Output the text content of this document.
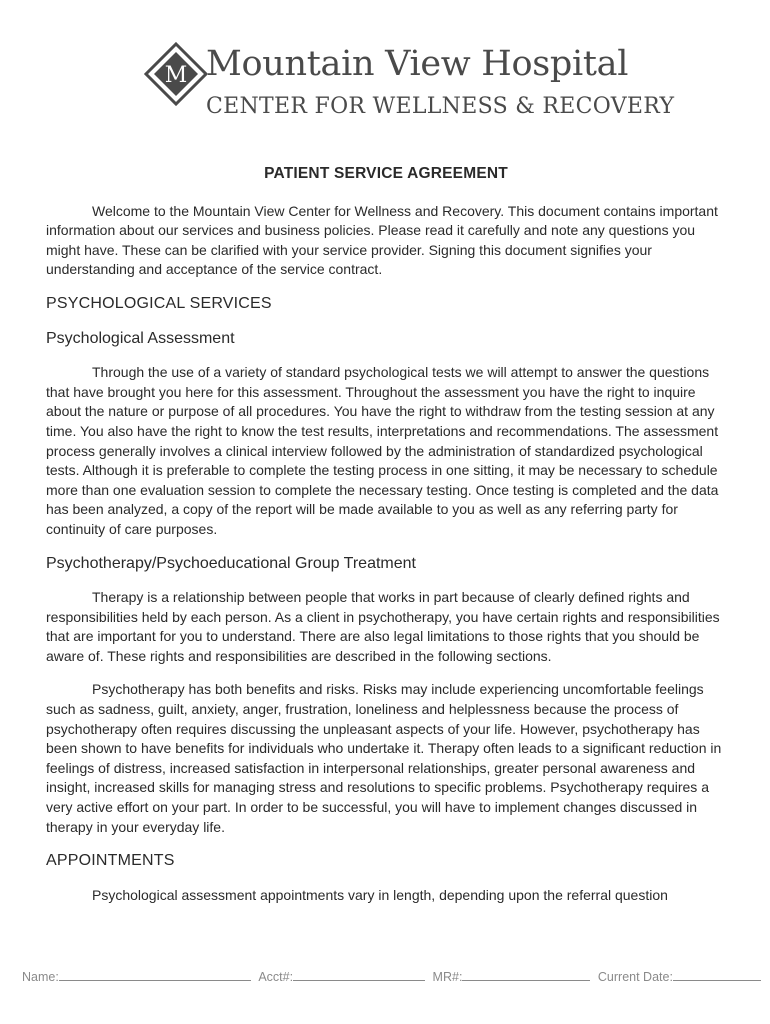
M Mountain View Hospital
CENTER FOR WELLNESS & RECOVERY
PATIENT SERVICE AGREEMENT

Welcome to the Mountain View Center for Wellness and Recovery. This document contains important information about our services and business policies. Please read it carefully and note any questions you might have. These can be clarified with your service provider. Signing this document signifies your understanding and acceptance of the service contract.

PSYCHOLOGICAL SERVICES
Psychological Assessment

Through the use of a variety of standard psychological tests we will attempt to answer the questions that have brought you here for this assessment. Throughout the assessment you have the right to inquire about the nature or purpose of all procedures. You have the right to withdraw from the testing session at any time. You also have the right to know the test results, interpretations and recommendations. The assessment process generally involves a clinical interview followed by the administration of standardized psychological tests. Although it is preferable to complete the testing process in one sitting, it may be necessary to schedule more than one evaluation session to complete the necessary testing. Once testing is completed and the data has been analyzed, a copy of the report will be made available to you as well as any referring party for continuity of care purposes.

Psychotherapy/Psychoeducational Group Treatment

Therapy is a relationship between people that works in part because of clearly defined rights and responsibilities held by each person. As a client in psychotherapy, you have certain rights and responsibilities that are important for you to understand. There are also legal limitations to those rights that you should be aware of. These rights and responsibilities are described in the following sections.

Psychotherapy has both benefits and risks. Risks may include experiencing uncomfortable feelings such as sadness, guilt, anxiety, anger, frustration, loneliness and helplessness because the process of psychotherapy often requires discussing the unpleasant aspects of your life. However, psychotherapy has been shown to have benefits for individuals who undertake it. Therapy often leads to a significant reduction in feelings of distress, increased satisfaction in interpersonal relationships, greater personal awareness and insight, increased skills for managing stress and resolutions to specific problems. Psychotherapy requires a very active effort on your part. In order to be successful, you will have to implement changes discussed in therapy in your everyday life.

APPOINTMENTS

Psychological assessment appointments vary in length, depending upon the referral question

Name:	Acct#:	MR#:	Current Date:
